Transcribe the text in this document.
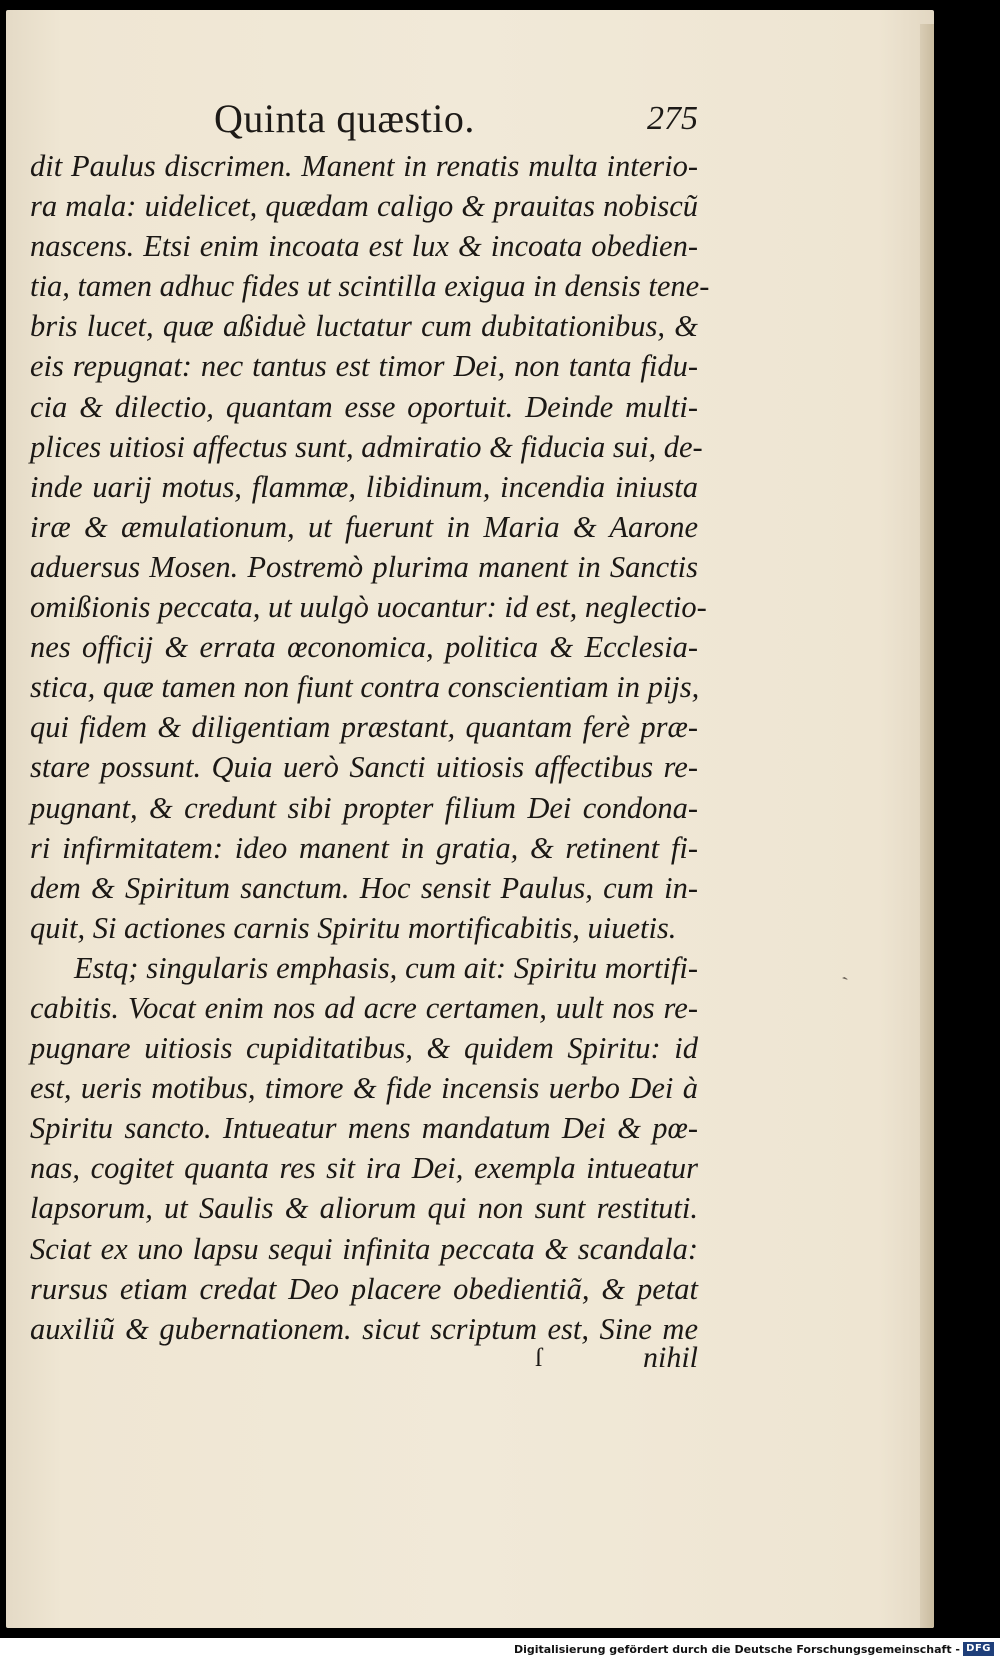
Quinta quæstio.	275
dit Paulus discrimen. Manent in renatis multa interio-
ra mala: uidelicet, quædam caligo & prauitas nobiscũ
nascens. Etsi enim incoata est lux & incoata obedien-
tia, tamen adhuc fides ut scintilla exigua in densis tene-
bris lucet, quæ aßiduè luctatur cum dubitationibus, &
eis repugnat: nec tantus est timor Dei, non tanta fidu-
cia & dilectio, quantam esse oportuit. Deinde multi-
plices uitiosi affectus sunt, admiratio & fiducia sui, de-
inde uarij motus, flammæ, libidinum, incendia iniusta
iræ & æmulationum, ut fuerunt in Maria & Aarone
aduersus Mosen. Postremò plurima manent in Sanctis
omißionis peccata, ut uulgò uocantur: id est, neglectio-
nes officij & errata œconomica, politica & Ecclesia-
stica, quæ tamen non fiunt contra conscientiam in pijs,
qui fidem & diligentiam præstant, quantam ferè præ-
stare possunt. Quia uerò Sancti uitiosis affectibus re-
pugnant, & credunt sibi propter filium Dei condona-
ri infirmitatem: ideo manent in gratia, & retinent fi-
dem & Spiritum sanctum. Hoc sensit Paulus, cum in-
quit, Si actiones carnis Spiritu mortificabitis, uiuetis.
Estq; singularis emphasis, cum ait: Spiritu mortifi-
cabitis. Vocat enim nos ad acre certamen, uult nos re-
pugnare uitiosis cupiditatibus, & quidem Spiritu: id
est, ueris motibus, timore & fide incensis uerbo Dei à
Spiritu sancto. Intueatur mens mandatum Dei & pœ-
nas, cogitet quanta res sit ira Dei, exempla intueatur
lapsorum, ut Saulis & aliorum qui non sunt restituti.
Sciat ex uno lapsu sequi infinita peccata & scandala:
rursus etiam credat Deo placere obedientiã, & petat
auxiliũ & gubernationem. sicut scriptum est, Sine me
ſ	nihil
ˏ
Digitalisierung gefördert durch die Deutsche Forschungsgemeinschaft - DFG
